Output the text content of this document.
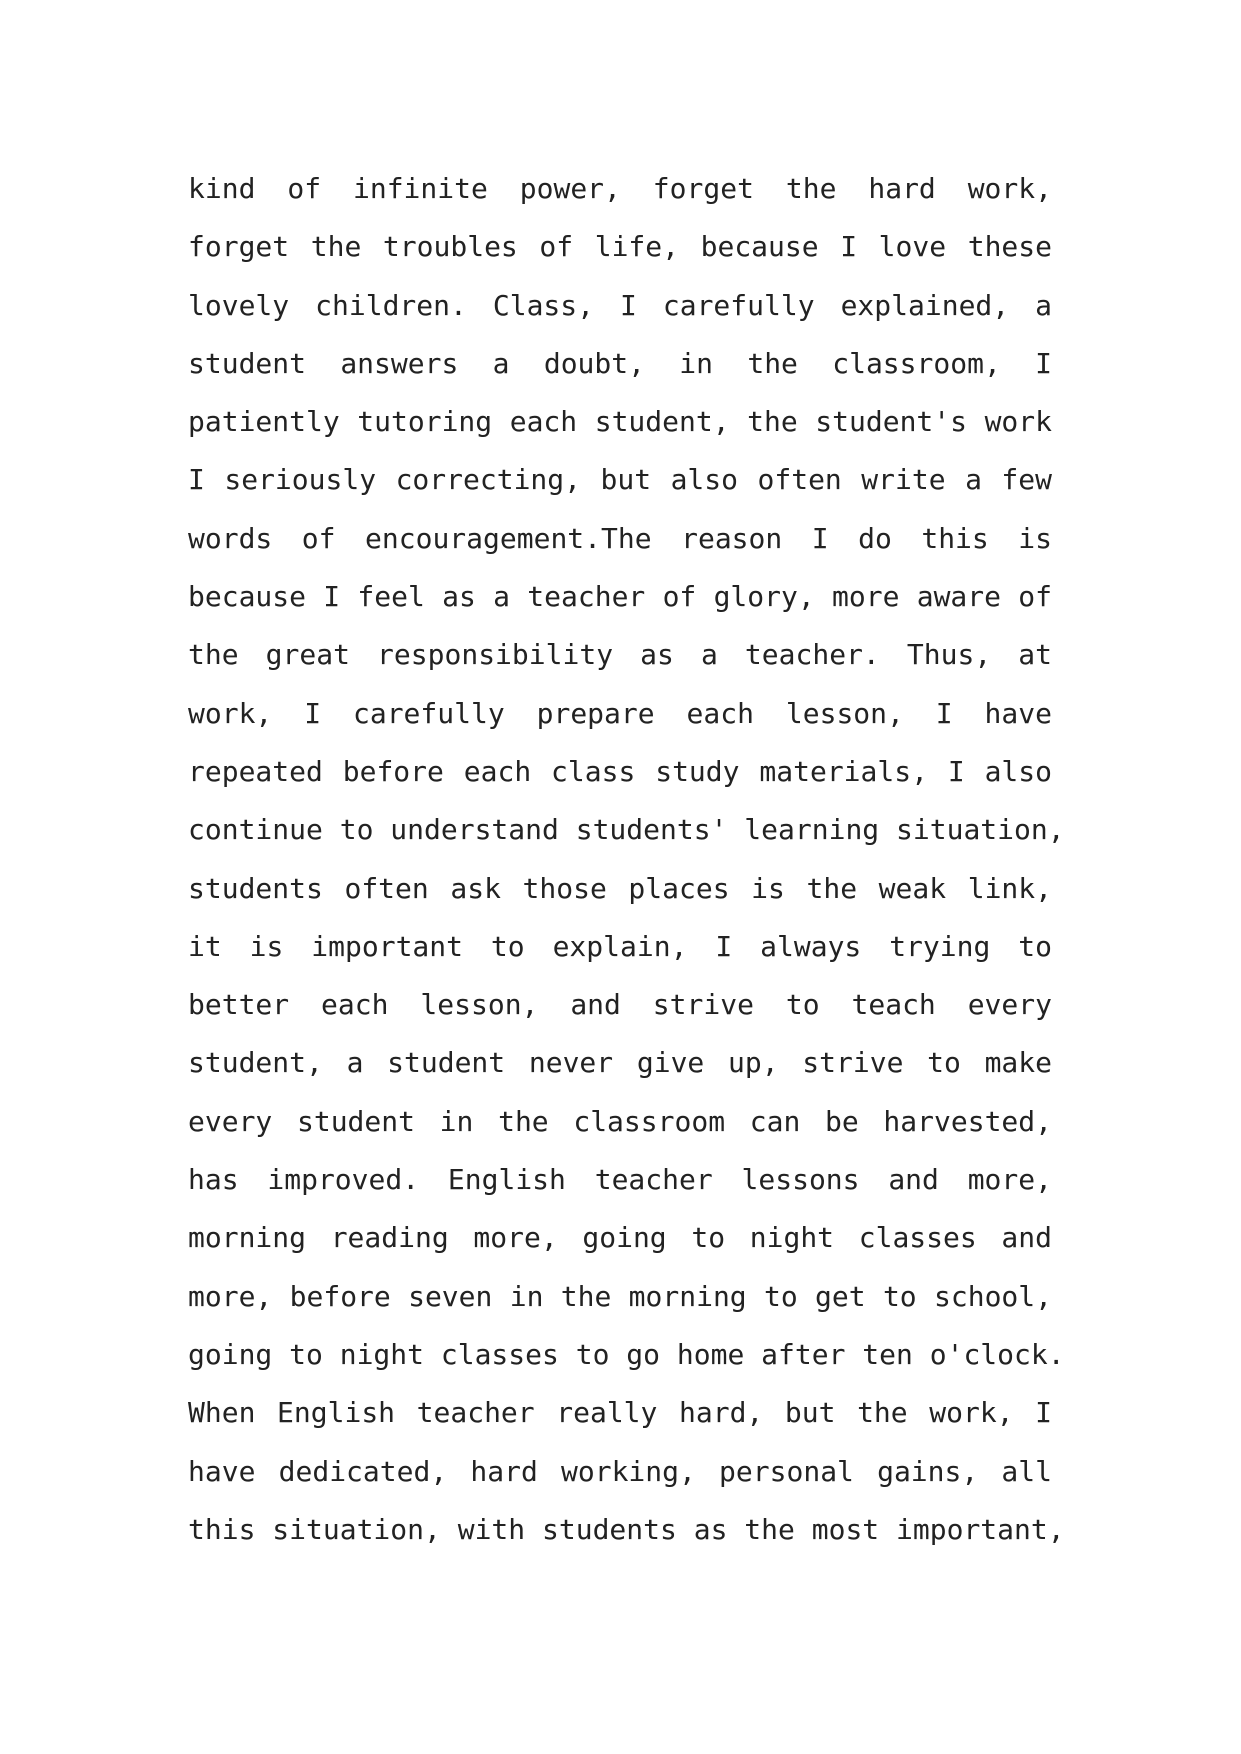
kind of infinite power, forget the hard work,
forget the troubles of life, because I love these
lovely children. Class, I carefully explained, a
student answers a doubt, in the classroom, I
patiently tutoring each student, the student's work
I seriously correcting, but also often write a few
words of encouragement.The reason I do this is
because I feel as a teacher of glory, more aware of
the great responsibility as a teacher. Thus, at
work, I carefully prepare each lesson, I have
repeated before each class study materials, I also
continue to understand students' learning situation,
students often ask those places is the weak link,
it is important to explain, I always trying to
better each lesson, and strive to teach every
student, a student never give up, strive to make
every student in the classroom can be harvested,
has improved. English teacher lessons and more,
morning reading more, going to night classes and
more, before seven in the morning to get to school,
going to night classes to go home after ten o'clock.
When English teacher really hard, but the work, I
have dedicated, hard working, personal gains, all
this situation, with students as the most important,
